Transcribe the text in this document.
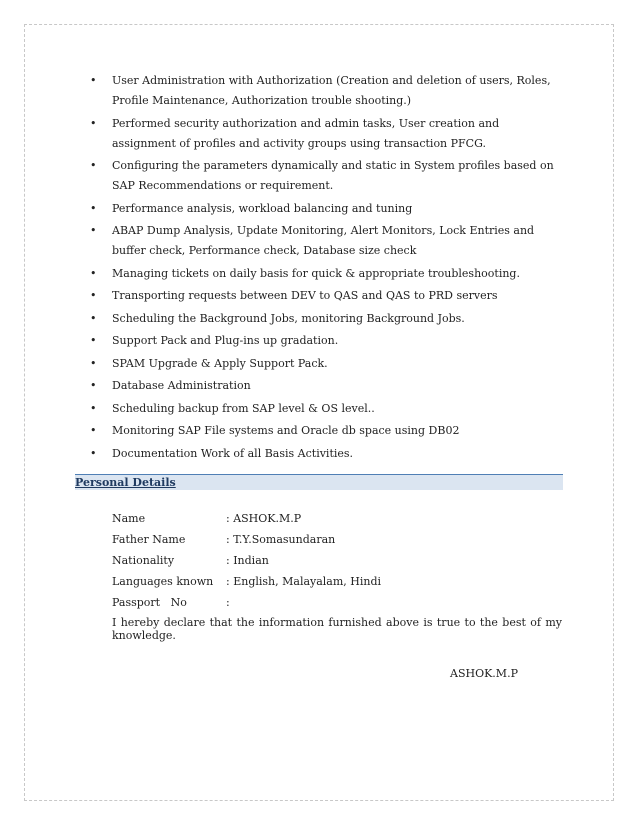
• User Administration with Authorization (Creation and deletion of users, Roles, Profile Maintenance, Authorization trouble shooting.)
• Performed security authorization and admin tasks, User creation and assignment of profiles and activity groups using transaction PFCG.
• Configuring the parameters dynamically and static in System profiles based on SAP Recommendations or requirement.
• Performance analysis, workload balancing and tuning
• ABAP Dump Analysis, Update Monitoring, Alert Monitors, Lock Entries and buffer check, Performance check, Database size check
• Managing tickets on daily basis for quick & appropriate troubleshooting.
• Transporting requests between DEV to QAS and QAS to PRD servers
• Scheduling the Background Jobs, monitoring Background Jobs.
• Support Pack and Plug-ins up gradation.
• SPAM Upgrade & Apply Support Pack.
• Database Administration
• Scheduling backup from SAP level & OS level..
• Monitoring SAP File systems and Oracle db space using DB02
• Documentation Work of all Basis Activities.
Personal Details
Name	: ASHOK.M.P
Father Name	: T.Y.Somasundaran
Nationality	: Indian
Languages known : English, Malayalam, Hindi
Passport   No	:
I hereby declare that the information furnished above is true to the best of my knowledge.
ASHOK.M.P
